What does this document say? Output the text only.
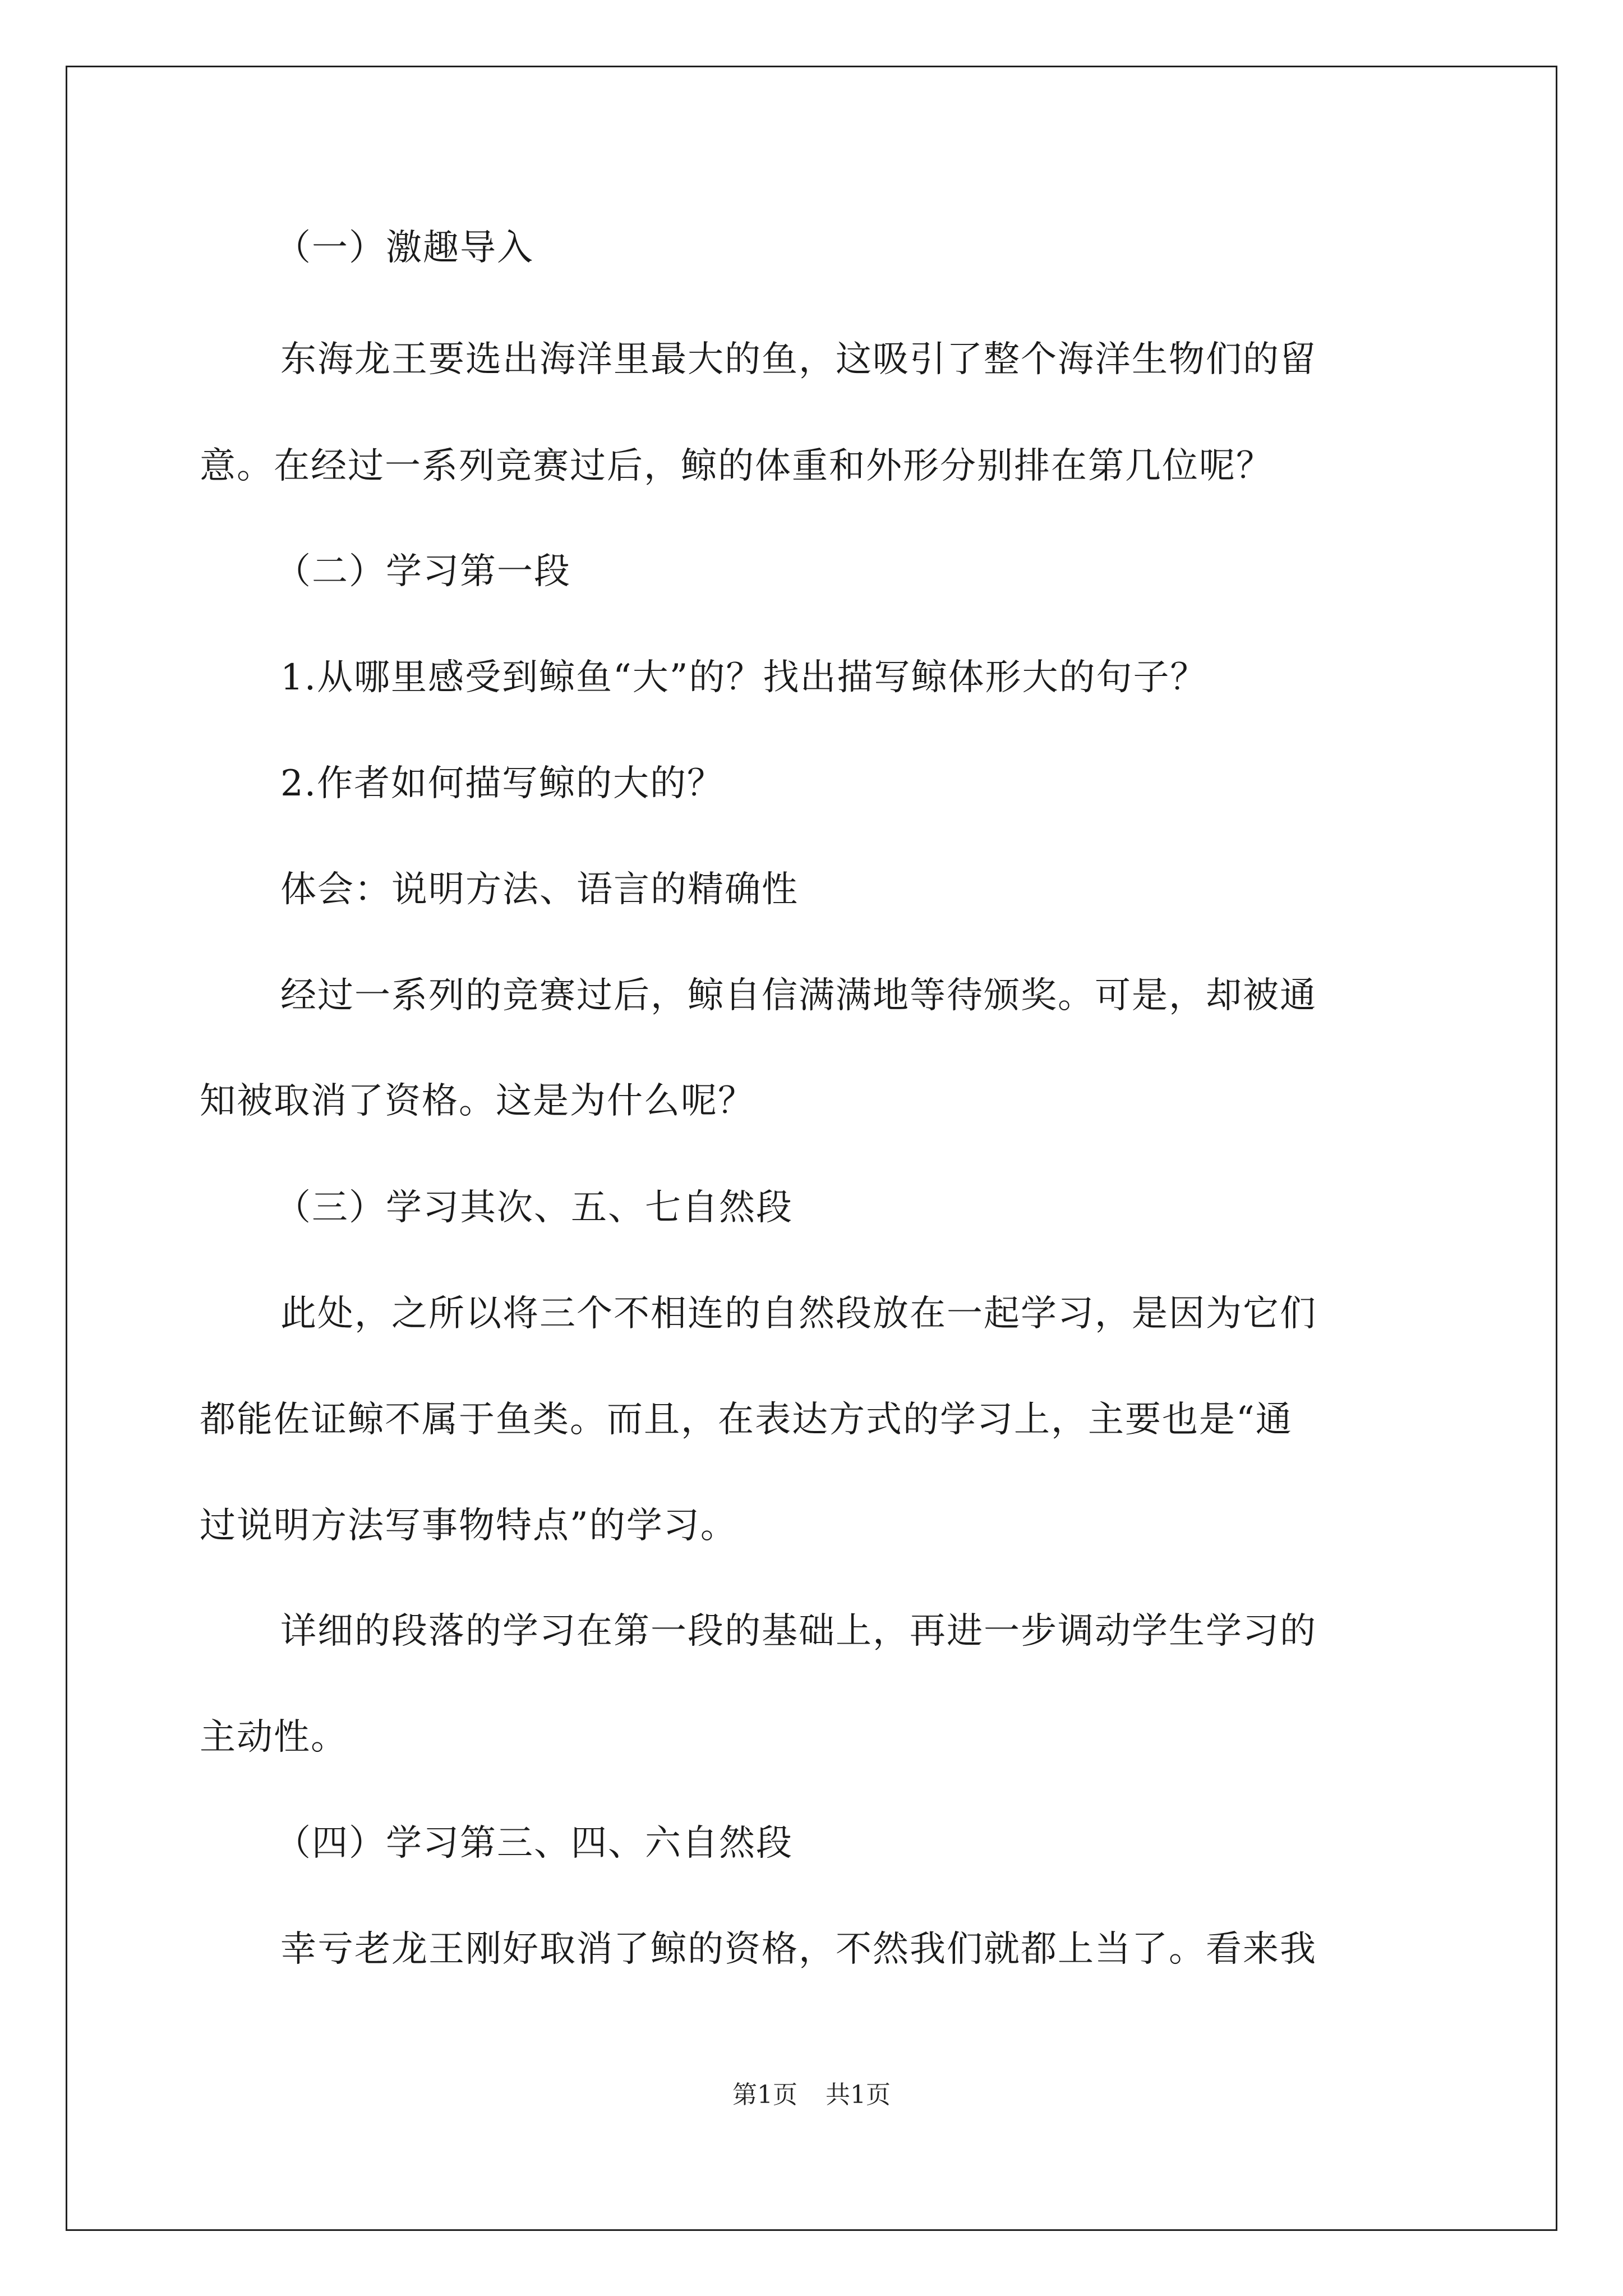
（一）激趣导入
东海龙王要选出海洋里最大的鱼，这吸引了整个海洋生物们的留
意。在经过一系列竞赛过后，鲸的体重和外形分别排在第几位呢？
（二）学习第一段
1.从哪里感受到鲸鱼“大”的？找出描写鲸体形大的句子？
2.作者如何描写鲸的大的？
体会：说明方法、语言的精确性
经过一系列的竞赛过后，鲸自信满满地等待颁奖。可是，却被通
知被取消了资格。这是为什么呢？
（三）学习其次、五、七自然段
此处，之所以将三个不相连的自然段放在一起学习，是因为它们
都能佐证鲸不属于鱼类。而且，在表达方式的学习上，主要也是“通
过说明方法写事物特点”的学习。
详细的段落的学习在第一段的基础上，再进一步调动学生学习的
主动性。
（四）学习第三、四、六自然段
幸亏老龙王刚好取消了鲸的资格，不然我们就都上当了。看来我
第1页 共1页
